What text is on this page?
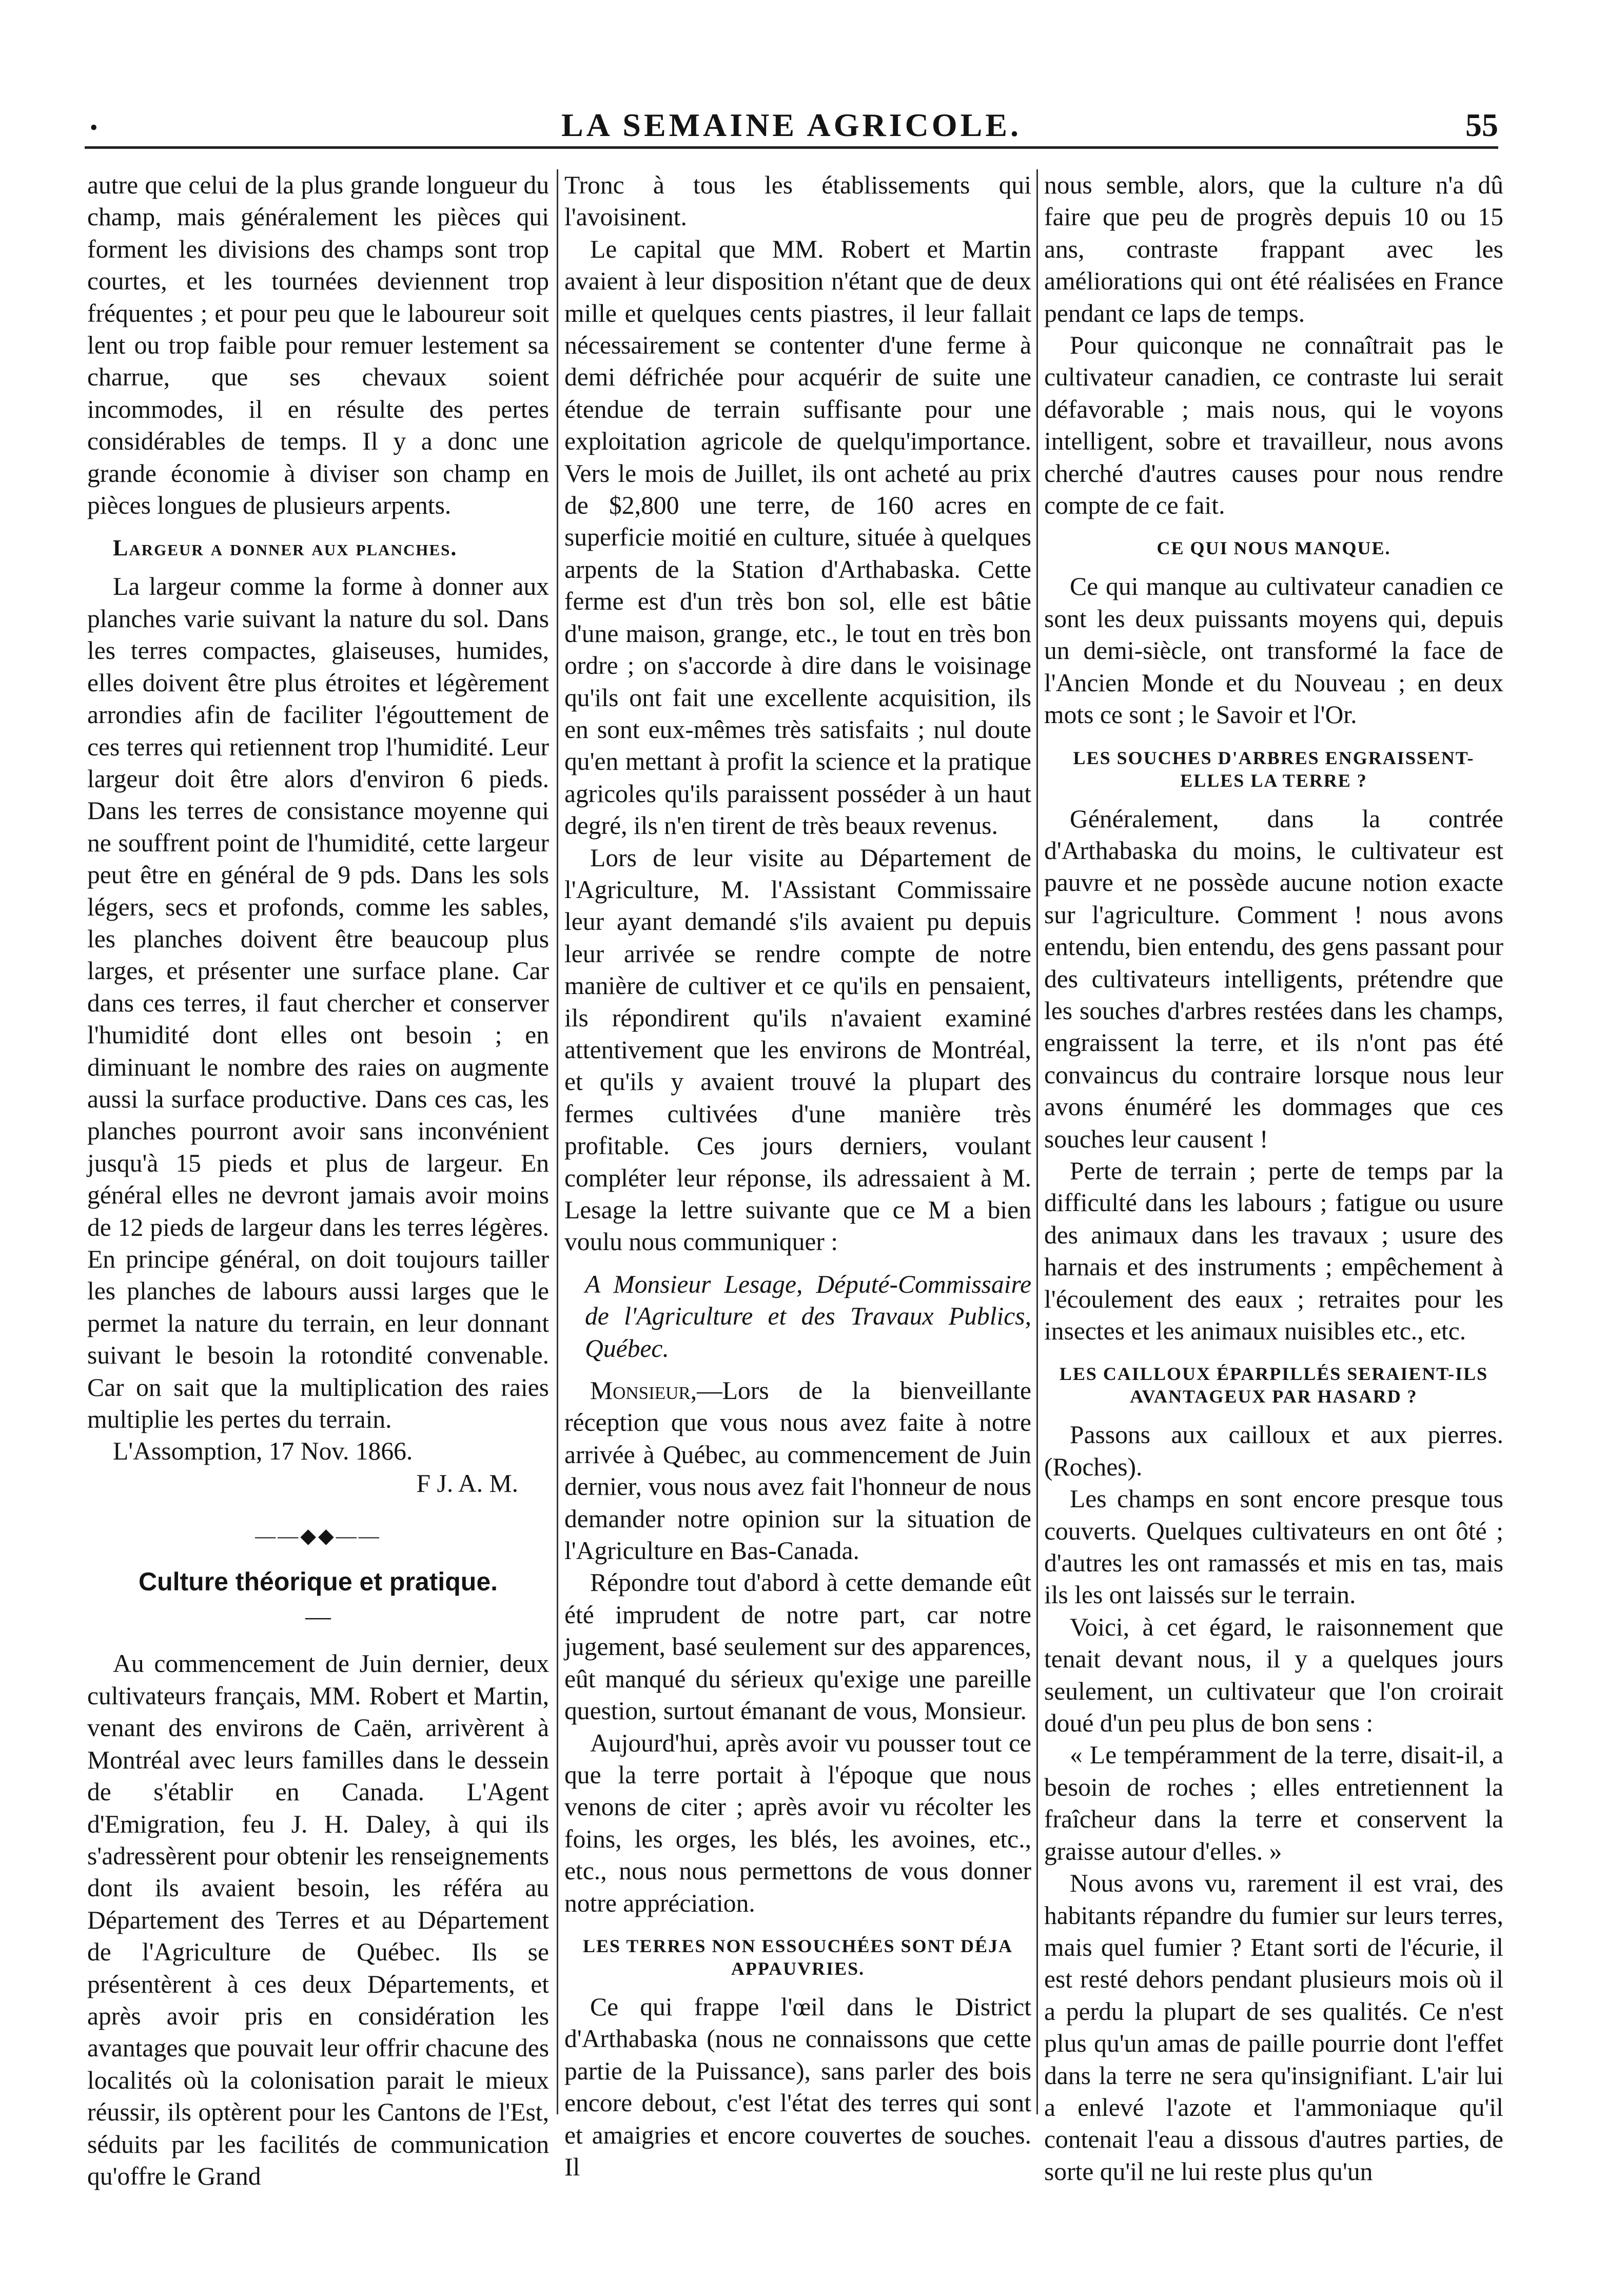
•	LA SEMAINE AGRICOLE.	55

autre que celui de la plus grande longueur du champ, mais généralement les pièces qui forment les divisions des champs sont trop courtes, et les tournées deviennent trop fréquentes ; et pour peu que le laboureur soit lent ou trop faible pour remuer lestement sa charrue, que ses chevaux soient incommodes, il en résulte des pertes considérables de temps. Il y a donc une grande économie à diviser son champ en pièces longues de plusieurs arpents.

Largeur a donner aux planches.

La largeur comme la forme à donner aux planches varie suivant la nature du sol. Dans les terres compactes, glaiseuses, humides, elles doivent être plus étroites et légèrement arrondies afin de faciliter l'égouttement de ces terres qui retiennent trop l'humidité. Leur largeur doit être alors d'environ 6 pieds. Dans les terres de consistance moyenne qui ne souffrent point de l'humidité, cette largeur peut être en général de 9 pds. Dans les sols légers, secs et profonds, comme les sables, les planches doivent être beaucoup plus larges, et présenter une surface plane. Car dans ces terres, il faut chercher et conserver l'humidité dont elles ont besoin ; en diminuant le nombre des raies on augmente aussi la surface productive. Dans ces cas, les planches pourront avoir sans inconvénient jusqu'à 15 pieds et plus de largeur. En général elles ne devront jamais avoir moins de 12 pieds de largeur dans les terres légères. En principe général, on doit toujours tailler les planches de labours aussi larges que le permet la nature du terrain, en leur donnant suivant le besoin la rotondité convenable. Car on sait que la multiplication des raies multiplie les pertes du terrain.

L'Assomption, 17 Nov. 1866.

F J. A. M.

——◆◆——
Culture théorique et pratique.
—

Au commencement de Juin dernier, deux cultivateurs français, MM. Robert et Martin, venant des environs de Caën, arrivèrent à Montréal avec leurs familles dans le dessein de s'établir en Canada. L'Agent d'Emigration, feu J. H. Daley, à qui ils s'adressèrent pour obtenir les renseignements dont ils avaient besoin, les référa au Département des Terres et au Département de l'Agriculture de Québec. Ils se présentèrent à ces deux Départements, et après avoir pris en considération les avantages que pouvait leur offrir chacune des localités où la colonisation parait le mieux réussir, ils optèrent pour les Cantons de l'Est, séduits par les facilités de communication qu'offre le Grand

Tronc à tous les établissements qui l'avoisinent.

Le capital que MM. Robert et Martin avaient à leur disposition n'étant que de deux mille et quelques cents piastres, il leur fallait nécessairement se contenter d'une ferme à demi défrichée pour acquérir de suite une étendue de terrain suffisante pour une exploitation agricole de quelqu'importance. Vers le mois de Juillet, ils ont acheté au prix de $2,800 une terre, de 160 acres en superficie moitié en culture, située à quelques arpents de la Station d'Arthabaska. Cette ferme est d'un très bon sol, elle est bâtie d'une maison, grange, etc., le tout en très bon ordre ; on s'accorde à dire dans le voisinage qu'ils ont fait une excellente acquisition, ils en sont eux-mêmes très satisfaits ; nul doute qu'en mettant à profit la science et la pratique agricoles qu'ils paraissent posséder à un haut degré, ils n'en tirent de très beaux revenus.

Lors de leur visite au Département de l'Agriculture, M. l'Assistant Commissaire leur ayant demandé s'ils avaient pu depuis leur arrivée se rendre compte de notre manière de cultiver et ce qu'ils en pensaient, ils répondirent qu'ils n'avaient examiné attentivement que les environs de Montréal, et qu'ils y avaient trouvé la plupart des fermes cultivées d'une manière très profitable. Ces jours derniers, voulant compléter leur réponse, ils adressaient à M. Lesage la lettre suivante que ce M a bien voulu nous communiquer :

A Monsieur Lesage, Député-Commissaire de l'Agriculture et des Travaux Publics, Québec.

Monsieur,—Lors de la bienveillante réception que vous nous avez faite à notre arrivée à Québec, au commencement de Juin dernier, vous nous avez fait l'honneur de nous demander notre opinion sur la situation de l'Agriculture en Bas-Canada.

Répondre tout d'abord à cette demande eût été imprudent de notre part, car notre jugement, basé seulement sur des apparences, eût manqué du sérieux qu'exige une pareille question, surtout émanant de vous, Monsieur.

Aujourd'hui, après avoir vu pousser tout ce que la terre portait à l'époque que nous venons de citer ; après avoir vu récolter les foins, les orges, les blés, les avoines, etc., etc., nous nous permettons de vous donner notre appréciation.

LES TERRES NON ESSOUCHÉES SONT DÉJA APPAUVRIES.

Ce qui frappe l'œil dans le District d'Arthabaska (nous ne connaissons que cette partie de la Puissance), sans parler des bois encore debout, c'est l'état des terres qui sont et amaigries et encore couvertes de souches. Il

nous semble, alors, que la culture n'a dû faire que peu de progrès depuis 10 ou 15 ans, contraste frappant avec les améliorations qui ont été réalisées en France pendant ce laps de temps.

Pour quiconque ne connaîtrait pas le cultivateur canadien, ce contraste lui serait défavorable ; mais nous, qui le voyons intelligent, sobre et travailleur, nous avons cherché d'autres causes pour nous rendre compte de ce fait.

CE QUI NOUS MANQUE.

Ce qui manque au cultivateur canadien ce sont les deux puissants moyens qui, depuis un demi-siècle, ont transformé la face de l'Ancien Monde et du Nouveau ; en deux mots ce sont ; le Savoir et l'Or.

LES SOUCHES D'ARBRES ENGRAISSENT-ELLES LA TERRE ?

Généralement, dans la contrée d'Arthabaska du moins, le cultivateur est pauvre et ne possède aucune notion exacte sur l'agriculture. Comment ! nous avons entendu, bien entendu, des gens passant pour des cultivateurs intelligents, prétendre que les souches d'arbres restées dans les champs, engraissent la terre, et ils n'ont pas été convaincus du contraire lorsque nous leur avons énuméré les dommages que ces souches leur causent !

Perte de terrain ; perte de temps par la difficulté dans les labours ; fatigue ou usure des animaux dans les travaux ; usure des harnais et des instruments ; empêchement à l'écoulement des eaux ; retraites pour les insectes et les animaux nuisibles etc., etc.

LES CAILLOUX ÉPARPILLÉS SERAIENT-ILS AVANTAGEUX PAR HASARD ?

Passons aux cailloux et aux pierres. (Roches).

Les champs en sont encore presque tous couverts. Quelques cultivateurs en ont ôté ; d'autres les ont ramassés et mis en tas, mais ils les ont laissés sur le terrain.

Voici, à cet égard, le raisonnement que tenait devant nous, il y a quelques jours seulement, un cultivateur que l'on croirait doué d'un peu plus de bon sens :

« Le tempéramment de la terre, disait-il, a besoin de roches ; elles entretiennent la fraîcheur dans la terre et conservent la graisse autour d'elles. »

Nous avons vu, rarement il est vrai, des habitants répandre du fumier sur leurs terres, mais quel fumier ? Etant sorti de l'écurie, il est resté dehors pendant plusieurs mois où il a perdu la plupart de ses qualités. Ce n'est plus qu'un amas de paille pourrie dont l'effet dans la terre ne sera qu'insignifiant. L'air lui a enlevé l'azote et l'ammoniaque qu'il contenait l'eau a dissous d'autres parties, de sorte qu'il ne lui reste plus qu'un
